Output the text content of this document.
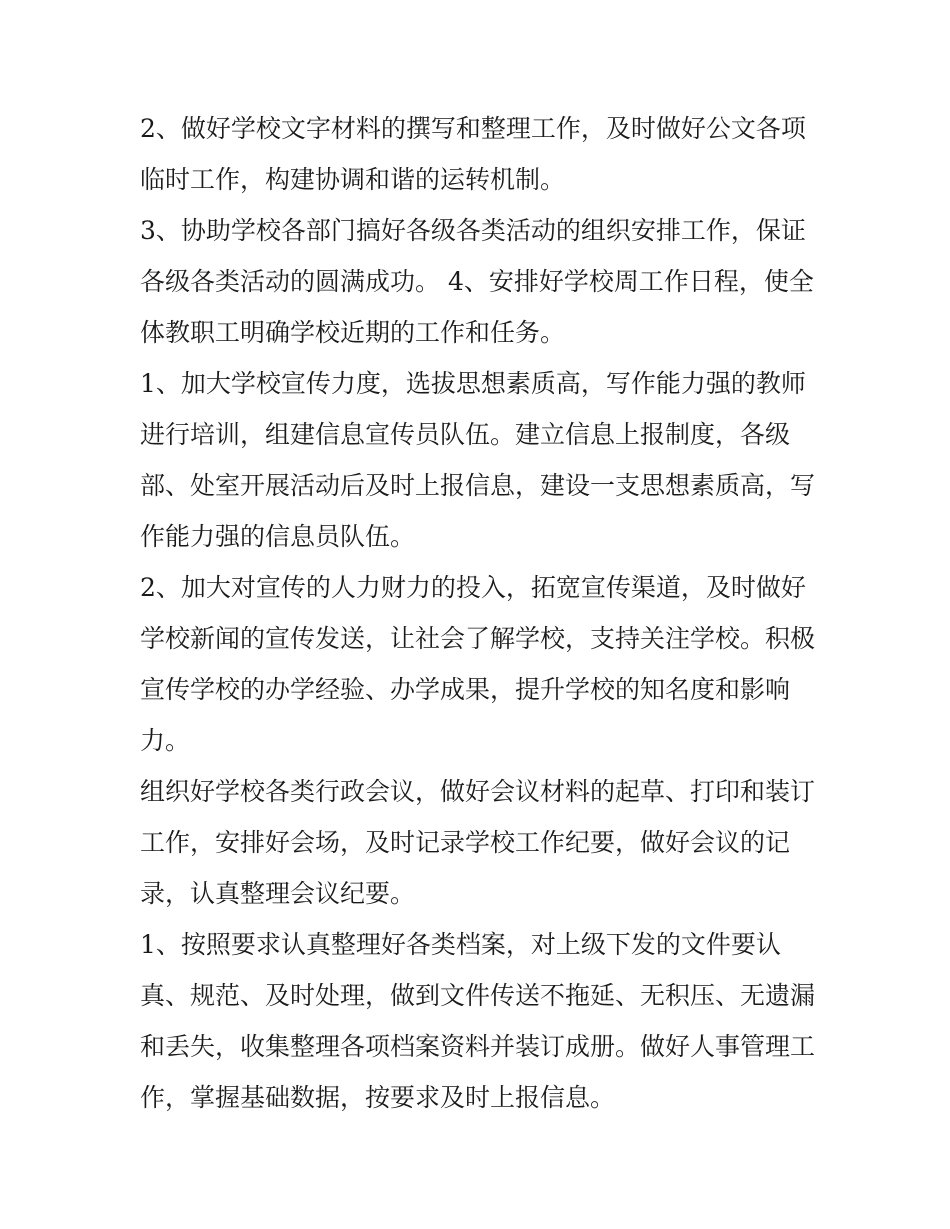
2、做好学校文字材料的撰写和整理工作，及时做好公文各项
临时工作，构建协调和谐的运转机制。
3、协助学校各部门搞好各级各类活动的组织安排工作，保证
各级各类活动的圆满成功。 4、安排好学校周工作日程，使全
体教职工明确学校近期的工作和任务。
1、加大学校宣传力度，选拔思想素质高，写作能力强的教师
进行培训，组建信息宣传员队伍。建立信息上报制度，各级
部、处室开展活动后及时上报信息，建设一支思想素质高，写
作能力强的信息员队伍。
2、加大对宣传的人力财力的投入，拓宽宣传渠道，及时做好
学校新闻的宣传发送，让社会了解学校，支持关注学校。积极
宣传学校的办学经验、办学成果，提升学校的知名度和影响
力。
组织好学校各类行政会议，做好会议材料的起草、打印和装订
工作，安排好会场，及时记录学校工作纪要，做好会议的记
录，认真整理会议纪要。
1、按照要求认真整理好各类档案，对上级下发的文件要认
真、规范、及时处理，做到文件传送不拖延、无积压、无遗漏
和丢失，收集整理各项档案资料并装订成册。做好人事管理工
作，掌握基础数据，按要求及时上报信息。
